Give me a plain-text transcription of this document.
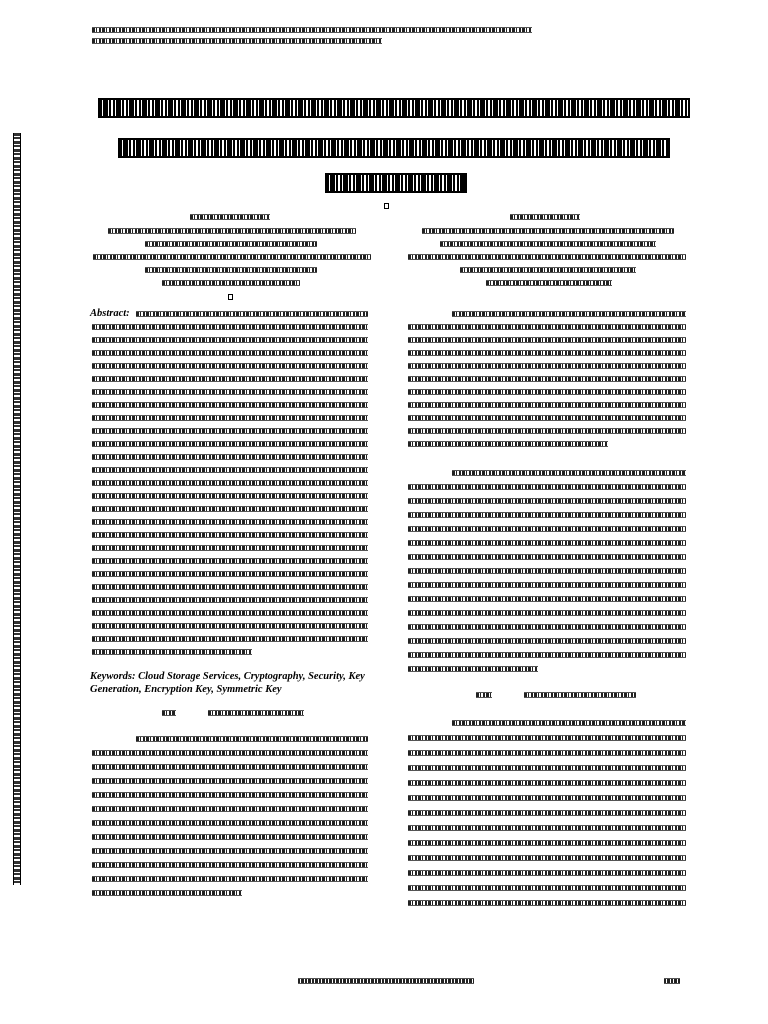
Abstract:
Keywords: Cloud Storage Services, Cryptography, Security, Key Generation, Encryption Key, Symmetric Key
